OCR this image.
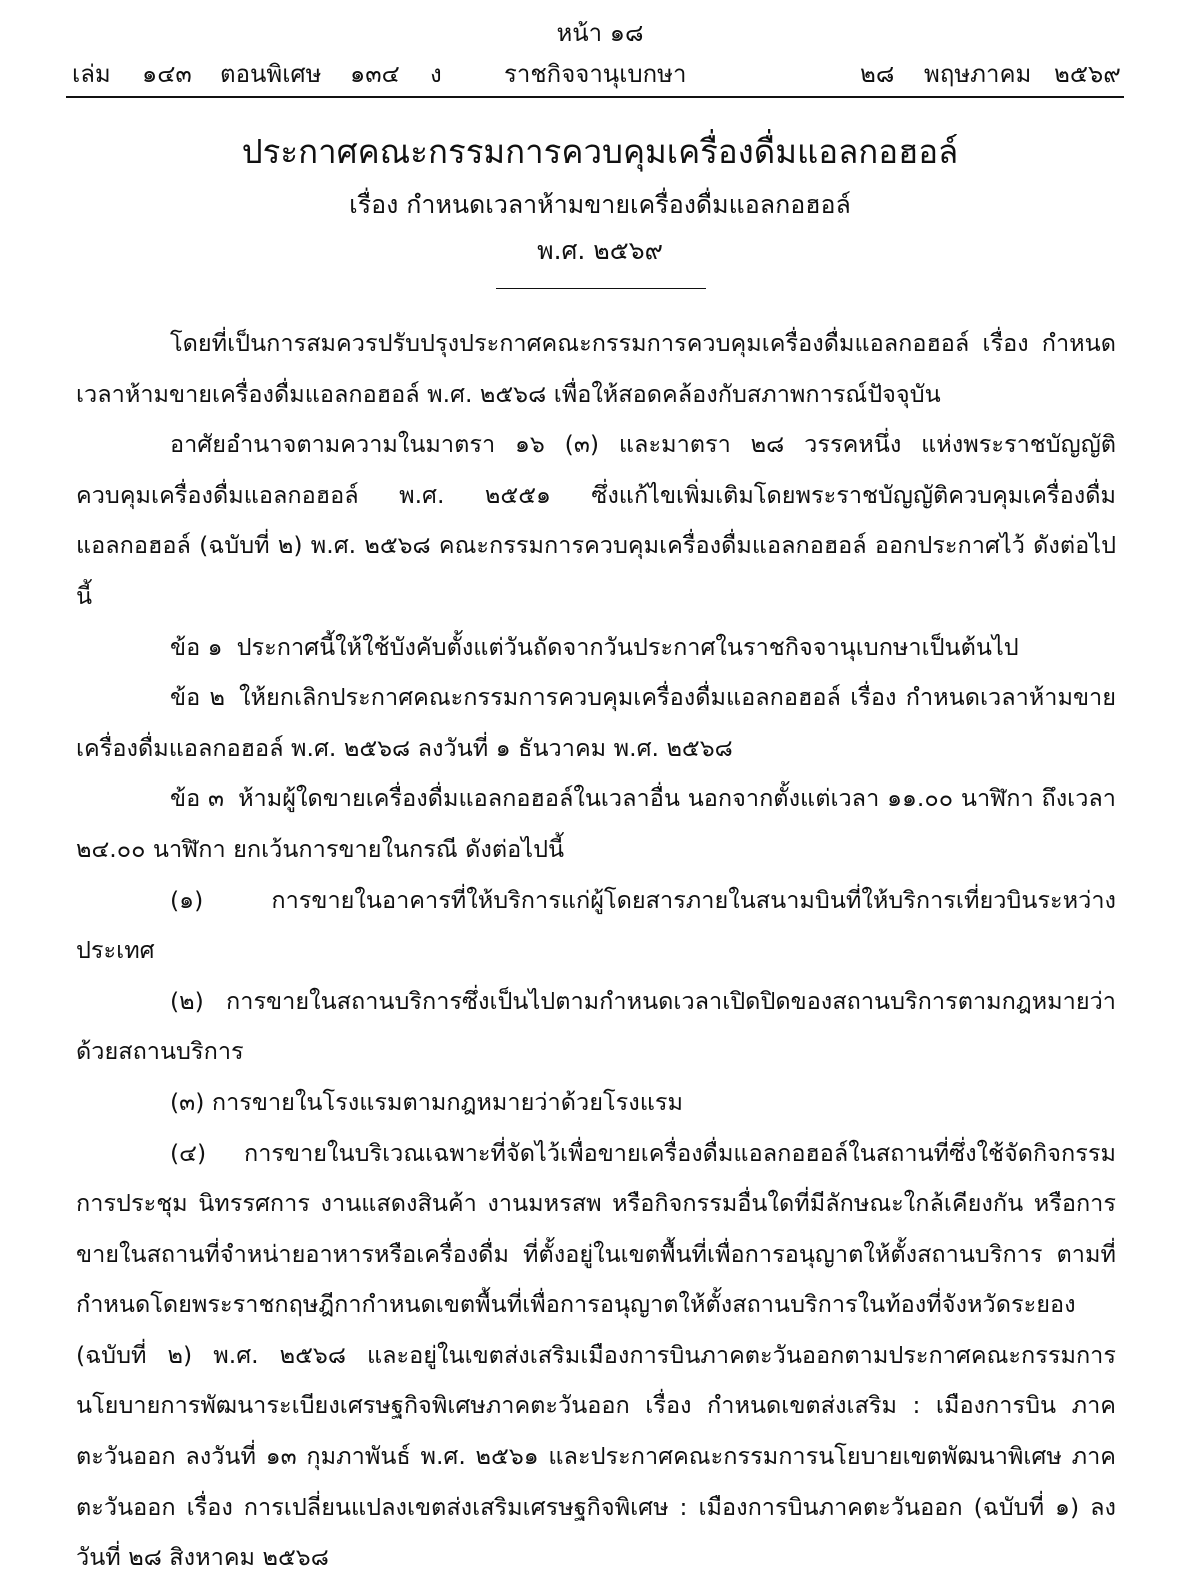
หน้า ๑๘
เล่ม ๑๔๓ ตอนพิเศษ ๑๓๔ ง	ราชกิจจานุเบกษา	๒๘ พฤษภาคม ๒๕๖๙
ประกาศคณะกรรมการควบคุมเครื่องดื่มแอลกอฮอล์
เรื่อง กำหนดเวลาห้ามขายเครื่องดื่มแอลกอฮอล์
พ.ศ. ๒๕๖๙

โดยที่เป็นการสมควรปรับปรุงประกาศคณะกรรมการควบคุมเครื่องดื่มแอลกอฮอล์ เรื่อง กำหนดเวลาห้ามขายเครื่องดื่มแอลกอฮอล์ พ.ศ. ๒๕๖๘ เพื่อให้สอดคล้องกับสภาพการณ์ปัจจุบัน

อาศัยอำนาจตามความในมาตรา ๑๖ (๓) และมาตรา ๒๘ วรรคหนึ่ง แห่งพระราชบัญญัติควบคุมเครื่องดื่มแอลกอฮอล์ พ.ศ. ๒๕๕๑ ซึ่งแก้ไขเพิ่มเติมโดยพระราชบัญญัติควบคุมเครื่องดื่มแอลกอฮอล์ (ฉบับที่ ๒) พ.ศ. ๒๕๖๘ คณะกรรมการควบคุมเครื่องดื่มแอลกอฮอล์ ออกประกาศไว้ ดังต่อไปนี้

ข้อ ๑ ประกาศนี้ให้ใช้บังคับตั้งแต่วันถัดจากวันประกาศในราชกิจจานุเบกษาเป็นต้นไป

ข้อ ๒ ให้ยกเลิกประกาศคณะกรรมการควบคุมเครื่องดื่มแอลกอฮอล์ เรื่อง กำหนดเวลาห้ามขายเครื่องดื่มแอลกอฮอล์ พ.ศ. ๒๕๖๘ ลงวันที่ ๑ ธันวาคม พ.ศ. ๒๕๖๘

ข้อ ๓ ห้ามผู้ใดขายเครื่องดื่มแอลกอฮอล์ในเวลาอื่น นอกจากตั้งแต่เวลา ๑๑.๐๐ นาฬิกา ถึงเวลา ๒๔.๐๐ นาฬิกา ยกเว้นการขายในกรณี ดังต่อไปนี้

(๑) การขายในอาคารที่ให้บริการแก่ผู้โดยสารภายในสนามบินที่ให้บริการเที่ยวบินระหว่างประเทศ

(๒) การขายในสถานบริการซึ่งเป็นไปตามกำหนดเวลาเปิดปิดของสถานบริการตามกฎหมายว่าด้วยสถานบริการ

(๓) การขายในโรงแรมตามกฎหมายว่าด้วยโรงแรม

(๔) การขายในบริเวณเฉพาะที่จัดไว้เพื่อขายเครื่องดื่มแอลกอฮอล์ในสถานที่ซึ่งใช้จัดกิจกรรม การประชุม นิทรรศการ งานแสดงสินค้า งานมหรสพ หรือกิจกรรมอื่นใดที่มีลักษณะใกล้เคียงกัน หรือการขายในสถานที่จำหน่ายอาหารหรือเครื่องดื่ม ที่ตั้งอยู่ในเขตพื้นที่เพื่อการอนุญาตให้ตั้งสถานบริการ ตามที่กำหนดโดยพระราชกฤษฎีกากำหนดเขตพื้นที่เพื่อการอนุญาตให้ตั้งสถานบริการในท้องที่จังหวัดระยอง (ฉบับที่ ๒) พ.ศ. ๒๕๖๘ และอยู่ในเขตส่งเสริมเมืองการบินภาคตะวันออกตามประกาศคณะกรรมการ นโยบายการพัฒนาระเบียงเศรษฐกิจพิเศษภาคตะวันออก เรื่อง กำหนดเขตส่งเสริม : เมืองการบิน ภาคตะวันออก ลงวันที่ ๑๓ กุมภาพันธ์ พ.ศ. ๒๕๖๑ และประกาศคณะกรรมการนโยบายเขตพัฒนาพิเศษ ภาคตะวันออก เรื่อง การเปลี่ยนแปลงเขตส่งเสริมเศรษฐกิจพิเศษ : เมืองการบินภาคตะวันออก (ฉบับที่ ๑) ลงวันที่ ๒๘ สิงหาคม ๒๕๖๘
